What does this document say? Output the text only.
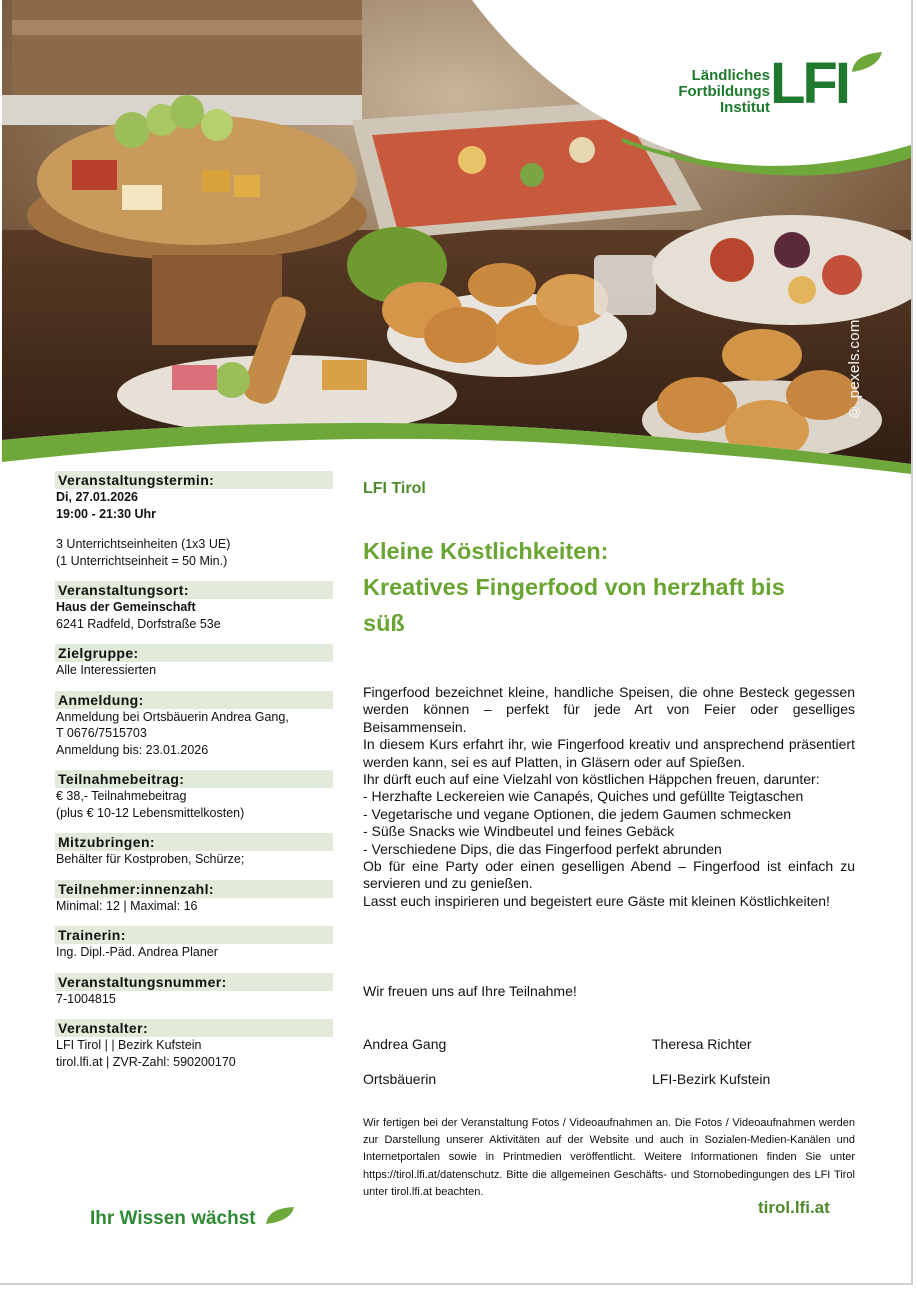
© pexels.com
Ländliches
Fortbildungs
Institut LFI
Veranstaltungstermin:
Di, 27.01.2026
19:00 - 21:30 Uhr
3 Unterrichtseinheiten (1x3 UE)
(1 Unterrichtseinheit = 50 Min.)
Veranstaltungsort:
Haus der Gemeinschaft
6241 Radfeld, Dorfstraße 53e
Zielgruppe:
Alle Interessierten
Anmeldung:
Anmeldung bei Ortsbäuerin Andrea Gang,
T 0676/7515703
Anmeldung bis: 23.01.2026
Teilnahmebeitrag:
€ 38,- Teilnahmebeitrag
(plus € 10-12 Lebensmittelkosten)
Mitzubringen:
Behälter für Kostproben, Schürze;
Teilnehmer:innenzahl:
Minimal: 12 | Maximal: 16
Trainerin:
Ing. Dipl.-Päd. Andrea Planer
Veranstaltungsnummer:
7-1004815
Veranstalter:
LFI Tirol | | Bezirk Kufstein
tirol.lfi.at | ZVR-Zahl: 590200170
LFI Tirol
Kleine Köstlichkeiten:
Kreatives Fingerfood von herzhaft bis
süß

Fingerfood bezeichnet kleine, handliche Speisen, die ohne Besteck gegessen werden können – perfekt für jede Art von Feier oder geselliges Beisammensein.

In diesem Kurs erfahrt ihr, wie Fingerfood kreativ und ansprechend präsentiert werden kann, sei es auf Platten, in Gläsern oder auf Spießen.

Ihr dürft euch auf eine Vielzahl von köstlichen Häppchen freuen, darunter:

- Herzhafte Leckereien wie Canapés, Quiches und gefüllte Teigtaschen

- Vegetarische und vegane Optionen, die jedem Gaumen schmecken

- Süße Snacks wie Windbeutel und feines Gebäck

- Verschiedene Dips, die das Fingerfood perfekt abrunden

Ob für eine Party oder einen geselligen Abend – Fingerfood ist einfach zu servieren und zu genießen.

Lasst euch inspirieren und begeistert eure Gäste mit kleinen Köstlichkeiten!

Wir freuen uns auf Ihre Teilnahme!
Andrea Gang
Ortsbäuerin
Theresa Richter
LFI-Bezirk Kufstein

Wir fertigen bei der Veranstaltung Fotos / Videoaufnahmen an. Die Fotos / Videoaufnahmen werden zur Darstellung unserer Aktivitäten auf der Website und auch in Sozialen-Medien-Kanälen und Internetportalen sowie in Printmedien veröffentlicht. Weitere Informationen finden Sie unter https://tirol.lfi.at/datenschutz. Bitte die allgemeinen Geschäfts- und Stornobedingungen des LFI Tirol unter tirol.lfi.at beachten.

Ihr Wissen wächst
tirol.lfi.at
